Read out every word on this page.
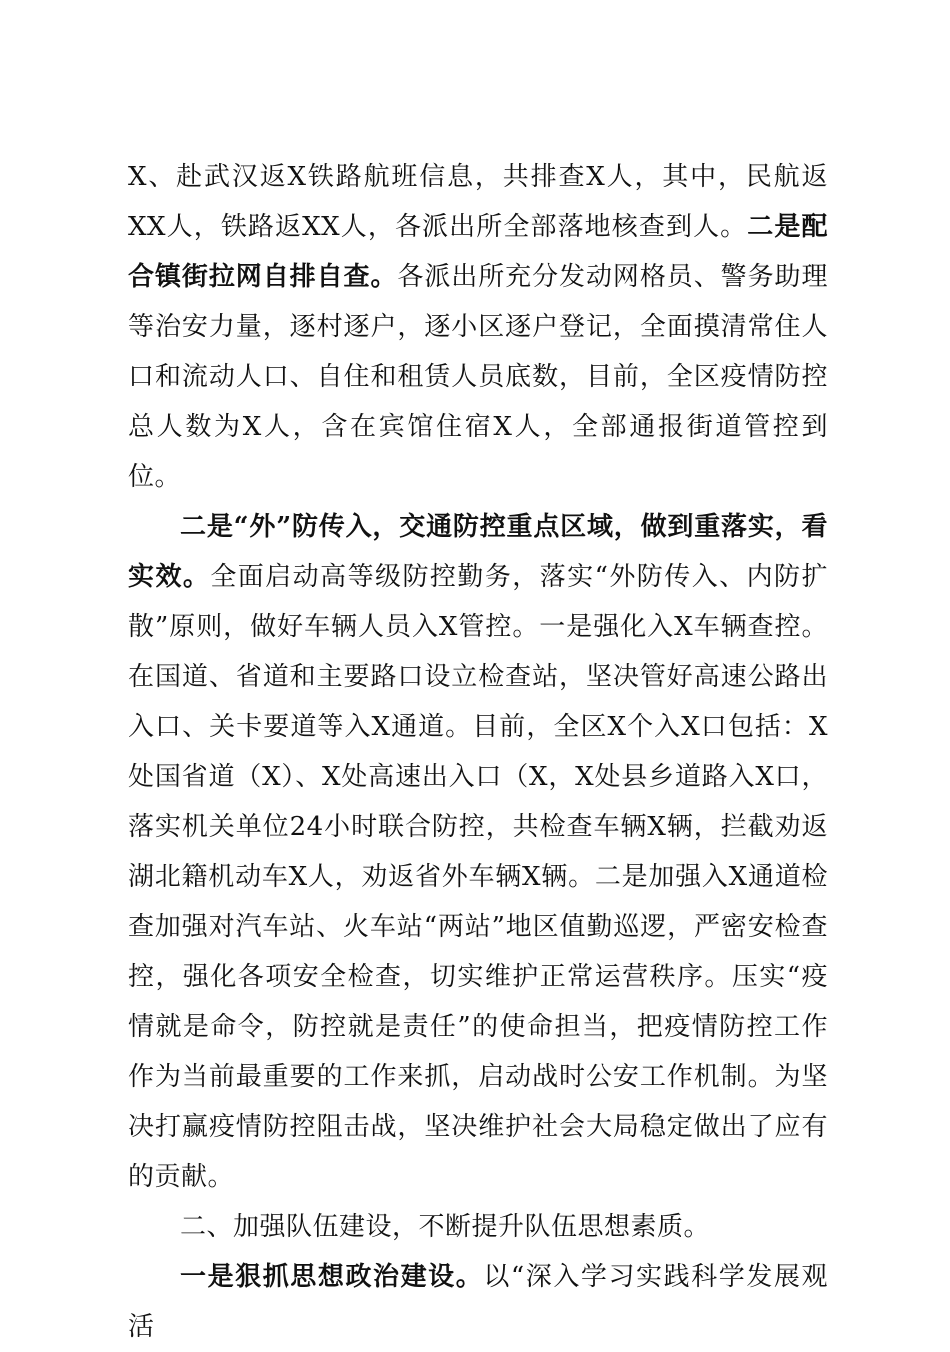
X、赴武汉返X铁路航班信息，共排查X人，其中，民航返XX人，铁路返XX人，各派出所全部落地核查到人。二是配合镇街拉网自排自查。各派出所充分发动网格员、警务助理等治安力量，逐村逐户，逐小区逐户登记，全面摸清常住人口和流动人口、自住和租赁人员底数，目前，全区疫情防控总人数为X人，含在宾馆住宿X人，全部通报街道管控到位。

二是“外”防传入，交通防控重点区域，做到重落实，看实效。全面启动高等级防控勤务，落实“外防传入、内防扩散”原则，做好车辆人员入X管控。一是强化入X车辆查控。在国道、省道和主要路口设立检查站，坚决管好高速公路出入口、关卡要道等入X通道。目前，全区X个入X口包括：X处国省道（X）、X处高速出入口（X，X处县乡道路入X口，落实机关单位24小时联合防控，共检查车辆X辆，拦截劝返湖北籍机动车X人，劝返省外车辆X辆。二是加强入X通道检查加强对汽车站、火车站“两站”地区值勤巡逻，严密安检查控，强化各项安全检查，切实维护正常运营秩序。压实“疫情就是命令，防控就是责任”的使命担当，把疫情防控工作作为当前最重要的工作来抓，启动战时公安工作机制。为坚决打赢疫情防控阻击战，坚决维护社会大局稳定做出了应有的贡献。

二、加强队伍建设，不断提升队伍思想素质。

一是狠抓思想政治建设。以“深入学习实践科学发展观活
